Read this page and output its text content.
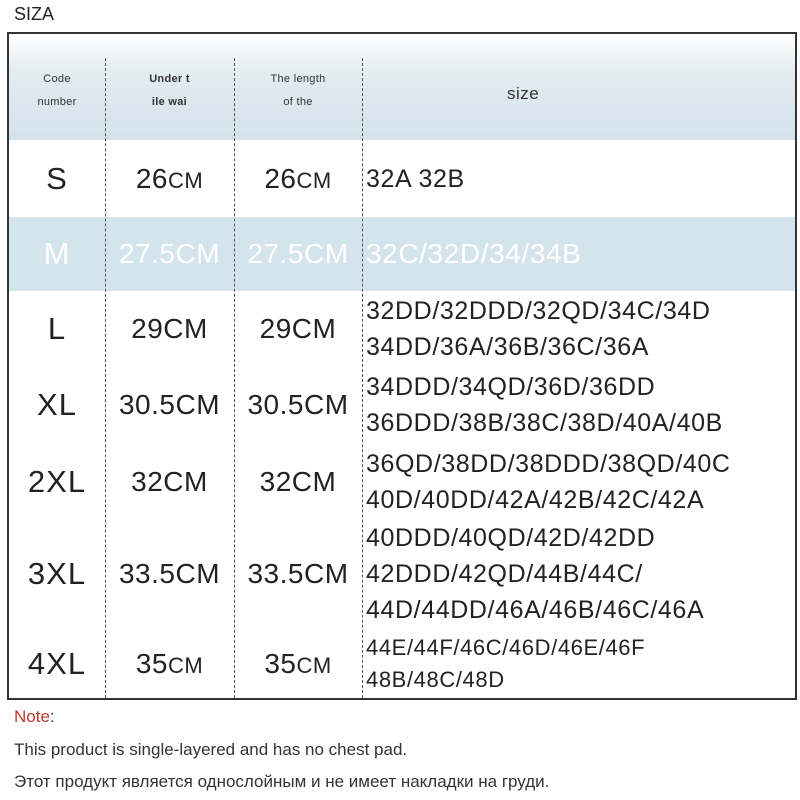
SIZA
Code
number
Under t
ile wai
The length
of the	size
S 26CM 26CM 32A 32B
M 27.5CM 27.5CM 32C/32D/34/34B
L 29CM 29CM
32DD/32DDD/32QD/34C/34D
34DD/36A/36B/36C/36A
XL 30.5CM 30.5CM
34DDD/34QD/36D/36DD
36DDD/38B/38C/38D/40A/40B
2XL 32CM 32CM
36QD/38DD/38DDD/38QD/40C
40D/40DD/42A/42B/42C/42A
3XL 33.5CM 33.5CM
40DDD/40QD/42D/42DD
42DDD/42QD/44B/44C/
44D/44DD/46A/46B/46C/46A
4XL 35CM 35CM
44E/44F/46C/46D/46E/46F
48B/48C/48D
Note:
This product is single-layered and has no chest pad.
Этот продукт является однослойным и не имеет накладки на груди.
